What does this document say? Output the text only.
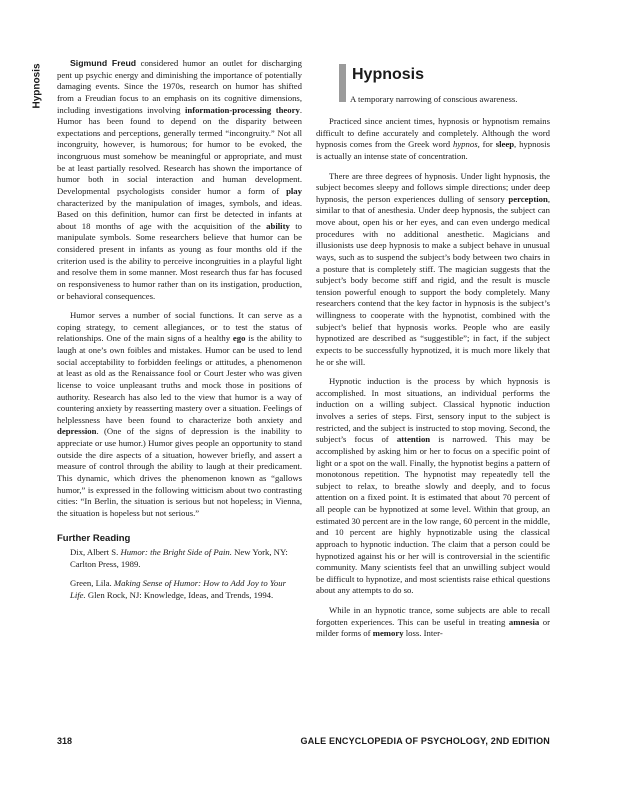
Hypnosis

Sigmund Freud considered humor an outlet for discharging pent up psychic energy and diminishing the importance of potentially damaging events. Since the 1970s, research on humor has shifted from a Freudian focus to an emphasis on its cognitive dimensions, including investigations involving information-processing theory. Humor has been found to depend on the disparity between expectations and perceptions, generally termed “incongruity.” Not all incongruity, however, is humorous; for humor to be evoked, the incongruous must somehow be meaningful or appropriate, and must be at least partially resolved. Research has shown the importance of humor both in social interaction and human development. Developmental psychologists consider humor a form of play characterized by the manipulation of images, symbols, and ideas. Based on this definition, humor can first be detected in infants at about 18 months of age with the acquisition of the ability to manipulate symbols. Some researchers believe that humor can be considered present in infants as young as four months old if the criterion used is the ability to perceive incongruities in a playful light and resolve them in some manner. Most research thus far has focused on responsiveness to humor rather than on its instigation, production, or behavioral consequences.

Humor serves a number of social functions. It can serve as a coping strategy, to cement allegiances, or to test the status of relationships. One of the main signs of a healthy ego is the ability to laugh at one’s own foibles and mistakes. Humor can be used to lend social acceptability to forbidden feelings or attitudes, a phenomenon at least as old as the Renaissance fool or Court Jester who was given license to voice unpleasant truths and mock those in positions of authority. Research has also led to the view that humor is a way of countering anxiety by reasserting mastery over a situation. Feelings of helplessness have been found to characterize both anxiety and depression. (One of the signs of depression is the inability to appreciate or use humor.) Humor gives people an opportunity to stand outside the dire aspects of a situation, however briefly, and assert a measure of control through the ability to laugh at their predicament. This dynamic, which drives the phenomenon known as “gallows humor,” is expressed in the following witticism about two contrasting cities: “In Berlin, the situation is serious but not hopeless; in Vienna, the situation is hopeless but not serious.”

Further Reading

Dix, Albert S. Humor: the Bright Side of Pain. New York, NY: Carlton Press, 1989.

Green, Lila. Making Sense of Humor: How to Add Joy to Your Life. Glen Rock, NJ: Knowledge, Ideas, and Trends, 1994.

Hypnosis
A temporary narrowing of conscious awareness.

Practiced since ancient times, hypnosis or hypnotism remains difficult to define accurately and completely. Although the word hypnosis comes from the Greek word hypnos, for sleep, hypnosis is actually an intense state of concentration.

There are three degrees of hypnosis. Under light hypnosis, the subject becomes sleepy and follows simple directions; under deep hypnosis, the person experiences dulling of sensory perception, similar to that of anesthesia. Under deep hypnosis, the subject can move about, open his or her eyes, and can even undergo medical procedures with no additional anesthetic. Magicians and illusionists use deep hypnosis to make a subject behave in unusual ways, such as to suspend the subject’s body between two chairs in a posture that is completely stiff. The magician suggests that the subject’s body become stiff and rigid, and the result is muscle tension powerful enough to support the body completely. Many researchers contend that the key factor in hypnosis is the subject’s willingness to cooperate with the hypnotist, combined with the subject’s belief that hypnosis works. People who are easily hypnotized are described as “suggestible”; in fact, if the subject expects to be successfully hypnotized, it is much more likely that he or she will.

Hypnotic induction is the process by which hypnosis is accomplished. In most situations, an individual performs the induction on a willing subject. Classical hypnotic induction involves a series of steps. First, sensory input to the subject is restricted, and the subject is instructed to stop moving. Second, the subject’s focus of attention is narrowed. This may be accomplished by asking him or her to focus on a specific point of light or a spot on the wall. Finally, the hypnotist begins a pattern of monotonous repetition. The hypnotist may repeatedly tell the subject to relax, to breathe slowly and deeply, and to focus attention on a fixed point. It is estimated that about 70 percent of all people can be hypnotized at some level. Within that group, an estimated 30 percent are in the low range, 60 percent in the middle, and 10 percent are highly hypnotizable using the classical approach to hypnotic induction. The claim that a person could be hypnotized against his or her will is controversial in the scientific community. Many scientists feel that an unwilling subject would be difficult to hypnotize, and most scientists raise ethical questions about any attempts to do so.

While in an hypnotic trance, some subjects are able to recall forgotten experiences. This can be useful in treating amnesia or milder forms of memory loss. Inter-

318	GALE ENCYCLOPEDIA OF PSYCHOLOGY, 2ND EDITION
